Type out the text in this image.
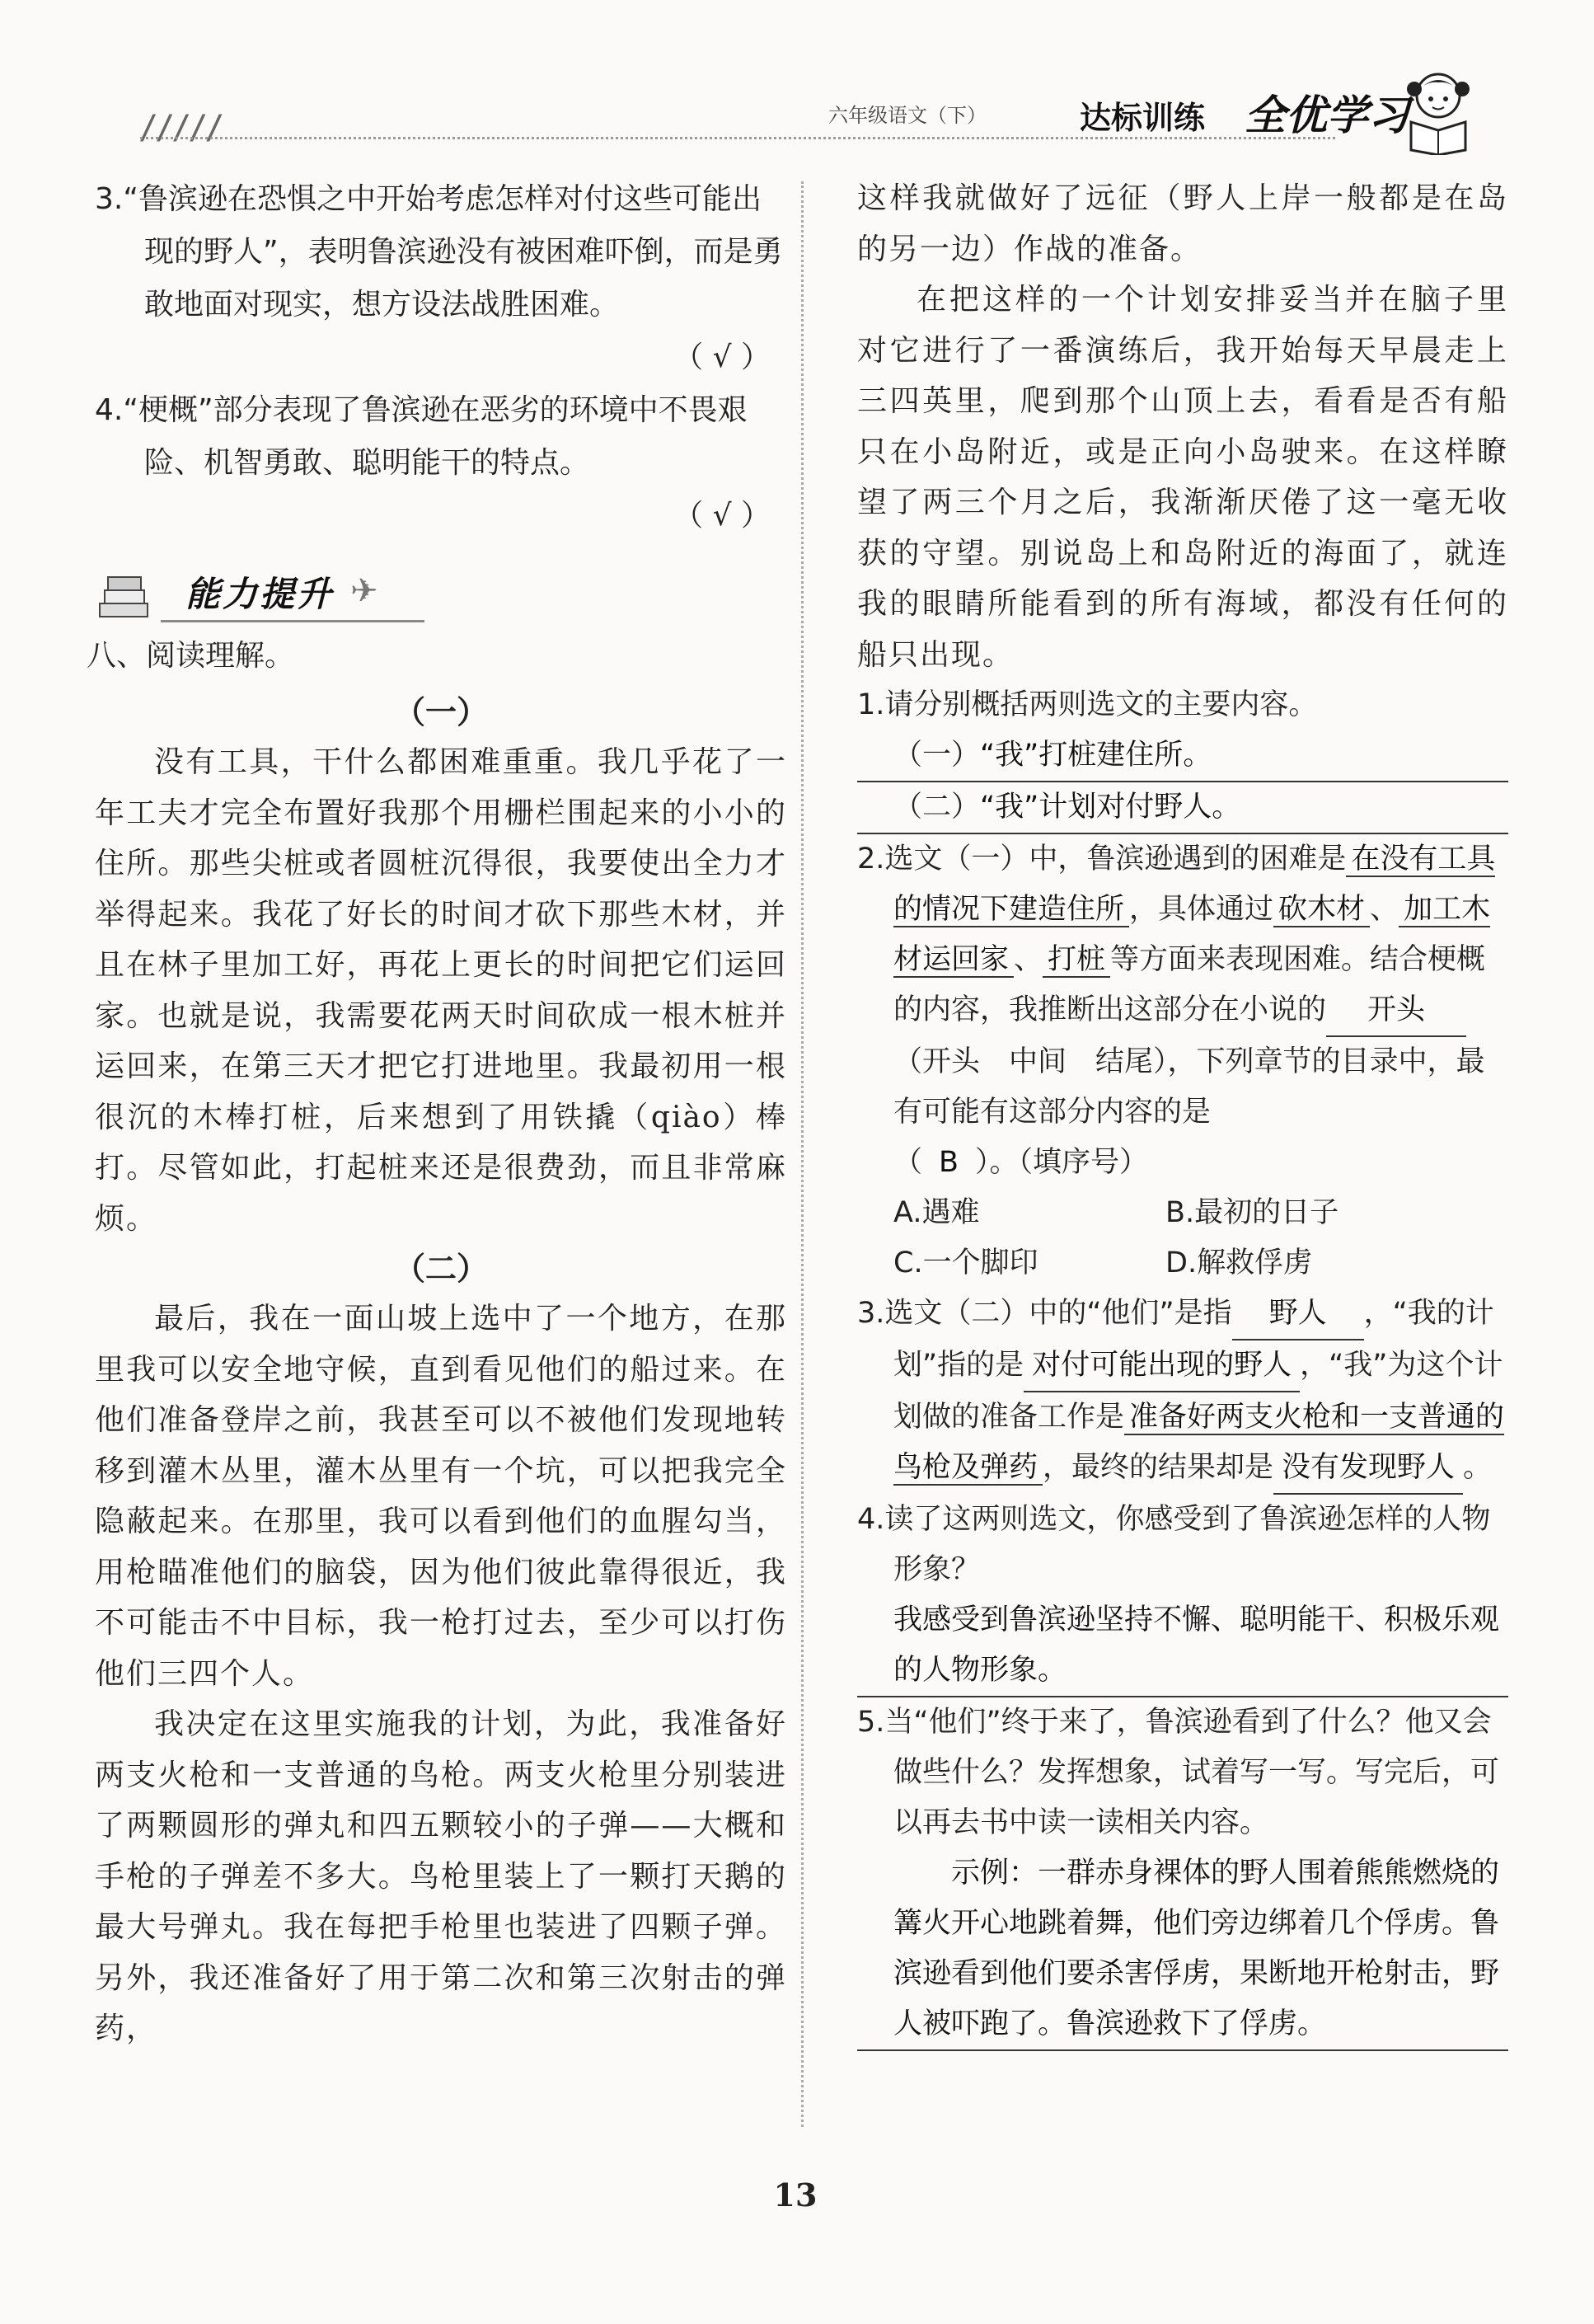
/////	六年级语文（下）	达标训练 全优学习

3.“鲁滨逊在恐惧之中开始考虑怎样对付这些可能出现的野人”，表明鲁滨逊没有被困难吓倒，而是勇敢地面对现实，想方设法战胜困难。

（ √ ）

4.“梗概”部分表现了鲁滨逊在恶劣的环境中不畏艰险、机智勇敢、聪明能干的特点。

（ √ ）
能力提升 ✈
八、阅读理解。
（一）

没有工具，干什么都困难重重。我几乎花了一年工夫才完全布置好我那个用栅栏围起来的小小的住所。那些尖桩或者圆桩沉得很，我要使出全力才举得起来。我花了好长的时间才砍下那些木材，并且在林子里加工好，再花上更长的时间把它们运回家。也就是说，我需要花两天时间砍成一根木桩并运回来，在第三天才把它打进地里。我最初用一根很沉的木棒打桩，后来想到了用铁撬（qiào）棒打。尽管如此，打起桩来还是很费劲，而且非常麻烦。

（二）

最后，我在一面山坡上选中了一个地方，在那里我可以安全地守候，直到看见他们的船过来。在他们准备登岸之前，我甚至可以不被他们发现地转移到灌木丛里，灌木丛里有一个坑，可以把我完全隐蔽起来。在那里，我可以看到他们的血腥勾当，用枪瞄准他们的脑袋，因为他们彼此靠得很近，我不可能击不中目标，我一枪打过去，至少可以打伤他们三四个人。

我决定在这里实施我的计划，为此，我准备好两支火枪和一支普通的鸟枪。两支火枪里分别装进了两颗圆形的弹丸和四五颗较小的子弹——大概和手枪的子弹差不多大。鸟枪里装上了一颗打天鹅的最大号弹丸。我在每把手枪里也装进了四颗子弹。另外，我还准备好了用于第二次和第三次射击的弹药，

这样我就做好了远征（野人上岸一般都是在岛的另一边）作战的准备。

在把这样的一个计划安排妥当并在脑子里对它进行了一番演练后，我开始每天早晨走上三四英里，爬到那个山顶上去，看看是否有船只在小岛附近，或是正向小岛驶来。在这样瞭望了两三个月之后，我渐渐厌倦了这一毫无收获的守望。别说岛上和岛附近的海面了，就连我的眼睛所能看到的所有海域，都没有任何的船只出现。

1.请分别概括两则选文的主要内容。

（一）“我”打桩建住所。

（二）“我”计划对付野人。

2.选文（一）中，鲁滨逊遇到的困难是 在没有工具的情况下建造住所 ，具体通过 砍木材 、 加工木材运回家 、 打桩 等方面来表现困难。结合梗概的内容，我推断出这部分在小说的 开头（开头　中间　结尾），下列章节的目录中，最有可能有这部分内容的是

（ B ）。（填序号）

A.遇难	B.最初的日子
C.一个脚印	D.解救俘虏

3.选文（二）中的“他们”是指 野人 ，“我的计划”指的是 对付可能出现的野人 ，“我”为这个计划做的准备工作是 准备好两支火枪和一支普通的鸟枪及弹药 ，最终的结果却是 没有发现野人 。

4.读了这两则选文，你感受到了鲁滨逊怎样的人物形象？

我感受到鲁滨逊坚持不懈、聪明能干、积极乐观的人物形象。

5.当“他们”终于来了，鲁滨逊看到了什么？他又会做些什么？发挥想象，试着写一写。写完后，可以再去书中读一读相关内容。

示例：一群赤身裸体的野人围着熊熊燃烧的篝火开心地跳着舞，他们旁边绑着几个俘虏。鲁滨逊看到他们要杀害俘虏，果断地开枪射击，野人被吓跑了。鲁滨逊救下了俘虏。

13
